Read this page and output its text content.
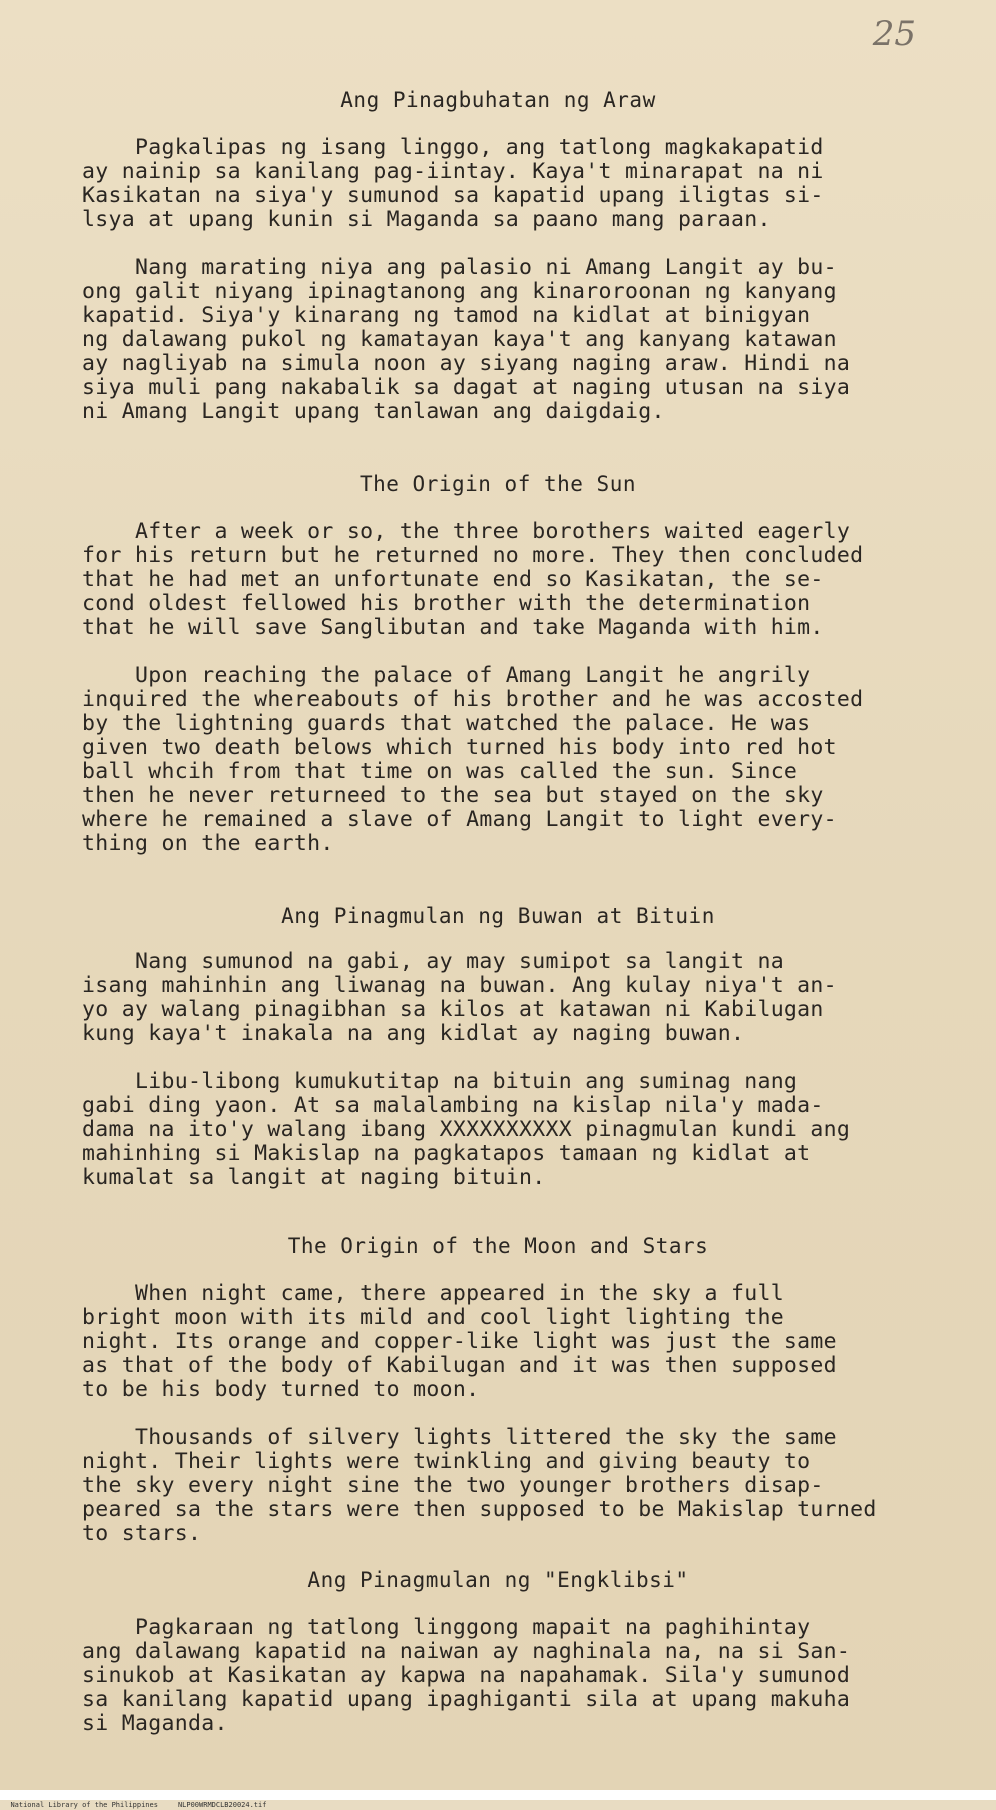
25
Ang Pinagbuhatan ng Araw
Pagkalipas ng isang linggo, ang tatlong magkakapatid
ay nainip sa kanilang pag-iintay. Kaya't minarapat na ni
Kasikatan na siya'y sumunod sa kapatid upang iligtas si-
lsya at upang kunin si Maganda sa paano mang paraan.
Nang marating niya ang palasio ni Amang Langit ay bu-
ong galit niyang ipinagtanong ang kinaroroonan ng kanyang
kapatid. Siya'y kinarang ng tamod na kidlat at binigyan
ng dalawang pukol ng kamatayan kaya't ang kanyang katawan
ay nagliyab na simula noon ay siyang naging araw. Hindi na
siya muli pang nakabalik sa dagat at naging utusan na siya
ni Amang Langit upang tanlawan ang daigdaig.
The Origin of the Sun
After a week or so, the three borothers waited eagerly
for his return but he returned no more. They then concluded
that he had met an unfortunate end so Kasikatan, the se-
cond oldest fellowed his brother with the determination
that he will save Sanglibutan and take Maganda with him.
Upon reaching the palace of Amang Langit he angrily
inquired the whereabouts of his brother and he was accosted
by the lightning guards that watched the palace. He was
given two death belows which turned his body into red hot
ball whcih from that time on was called the sun. Since
then he never returneed to the sea but stayed on the sky
where he remained a slave of Amang Langit to light every-
thing on the earth.
Ang Pinagmulan ng Buwan at Bituin
Nang sumunod na gabi, ay may sumipot sa langit na
isang mahinhin ang liwanag na buwan. Ang kulay niya't an-
yo ay walang pinagibhan sa kilos at katawan ni Kabilugan
kung kaya't inakala na ang kidlat ay naging buwan.
Libu-libong kumukutitap na bituin ang suminag nang
gabi ding yaon. At sa malalambing na kislap nila'y mada-
dama na ito'y walang ibang XXXXXXXXXX pinagmulan kundi ang
mahinhing si Makislap na pagkatapos tamaan ng kidlat at
kumalat sa langit at naging bituin.
The Origin of the Moon and Stars
When night came, there appeared in the sky a full
bright moon with its mild and cool light lighting the
night. Its orange and copper-like light was just the same
as that of the body of Kabilugan and it was then supposed
to be his body turned to moon.
Thousands of silvery lights littered the sky the same
night. Their lights were twinkling and giving beauty to
the sky every night sine the two younger brothers disap-
peared sa the stars were then supposed to be Makislap turned
to stars.
Ang Pinagmulan ng "Engklibsi"
Pagkaraan ng tatlong linggong mapait na paghihintay
ang dalawang kapatid na naiwan ay naghinala na, na si San-
sinukob at Kasikatan ay kapwa na napahamak. Sila'y sumunod
sa kanilang kapatid upang ipaghiganti sila at upang makuha
si Maganda.

National Library of the Philippines	NLP00WRMDCLB20024.tif
